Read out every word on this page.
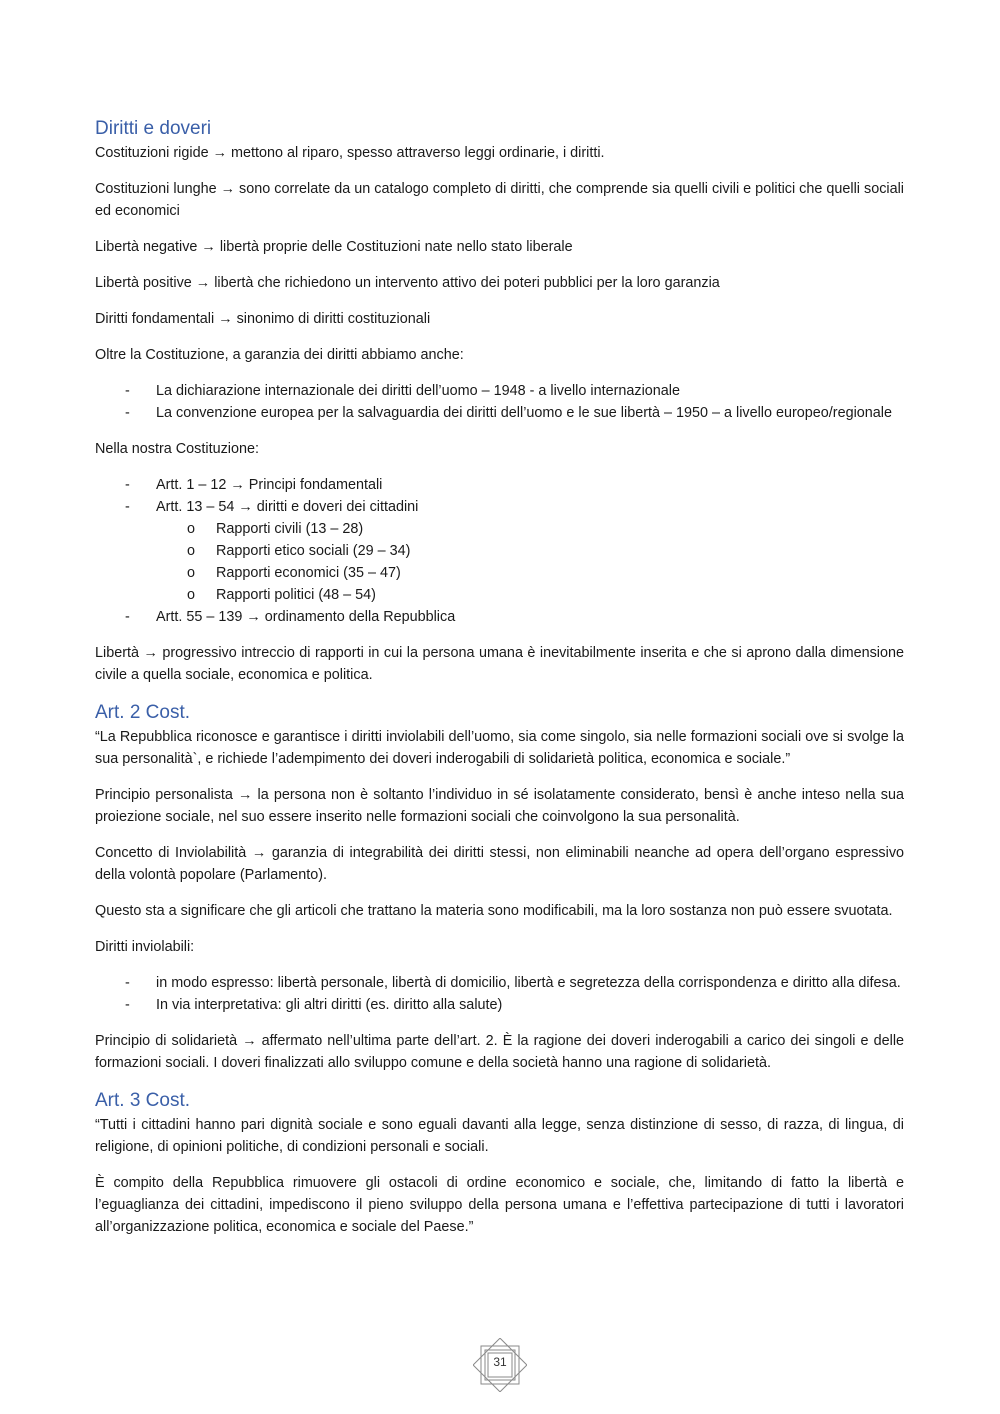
Diritti e doveri

Costituzioni rigide → mettono al riparo, spesso attraverso leggi ordinarie, i diritti.

Costituzioni lunghe → sono correlate da un catalogo completo di diritti, che comprende sia quelli civili e politici che quelli sociali ed economici

Libertà negative → libertà proprie delle Costituzioni nate nello stato liberale

Libertà positive → libertà che richiedono un intervento attivo dei poteri pubblici per la loro garanzia

Diritti fondamentali → sinonimo di diritti costituzionali

Oltre la Costituzione, a garanzia dei diritti abbiamo anche:

- La dichiarazione internazionale dei diritti dell’uomo – 1948 - a livello internazionale
- La convenzione europea per la salvaguardia dei diritti dell’uomo e le sue libertà – 1950 – a livello europeo/regionale

Nella nostra Costituzione:

- Artt. 1 – 12 → Principi fondamentali
- Artt. 13 – 54 → diritti e doveri dei cittadini
o Rapporti civili (13 – 28)
o Rapporti etico sociali (29 – 34)
o Rapporti economici (35 – 47)
o Rapporti politici (48 – 54)
- Artt. 55 – 139 → ordinamento della Repubblica

Libertà → progressivo intreccio di rapporti in cui la persona umana è inevitabilmente inserita e che si aprono dalla dimensione civile a quella sociale, economica e politica.

Art. 2 Cost.

“La Repubblica riconosce e garantisce i diritti inviolabili dell’uomo, sia come singolo, sia nelle formazioni sociali ove si svolge la sua personalità`, e richiede l’adempimento dei doveri inderogabili di solidarietà politica, economica e sociale.”

Principio personalista → la persona non è soltanto l’individuo in sé isolatamente considerato, bensì è anche inteso nella sua proiezione sociale, nel suo essere inserito nelle formazioni sociali che coinvolgono la sua personalità.

Concetto di Inviolabilità → garanzia di integrabilità dei diritti stessi, non eliminabili neanche ad opera dell’organo espressivo della volontà popolare (Parlamento).

Questo sta a significare che gli articoli che trattano la materia sono modificabili, ma la loro sostanza non può essere svuotata.

Diritti inviolabili:

- in modo espresso: libertà personale, libertà di domicilio, libertà e segretezza della corrispondenza e diritto alla difesa.
- In via interpretativa: gli altri diritti (es. diritto alla salute)

Principio di solidarietà → affermato nell’ultima parte dell’art. 2. È la ragione dei doveri inderogabili a carico dei singoli e delle formazioni sociali. I doveri finalizzati allo sviluppo comune e della società hanno una ragione di solidarietà.

Art. 3 Cost.

“Tutti i cittadini hanno pari dignità sociale e sono eguali davanti alla legge, senza distinzione di sesso, di razza, di lingua, di religione, di opinioni politiche, di condizioni personali e sociali.

È compito della Repubblica rimuovere gli ostacoli di ordine economico e sociale, che, limitando di fatto la libertà e l’eguaglianza dei cittadini, impediscono il pieno sviluppo della persona umana e l’effettiva partecipazione di tutti i lavoratori all’organizzazione politica, economica e sociale del Paese.”

31
